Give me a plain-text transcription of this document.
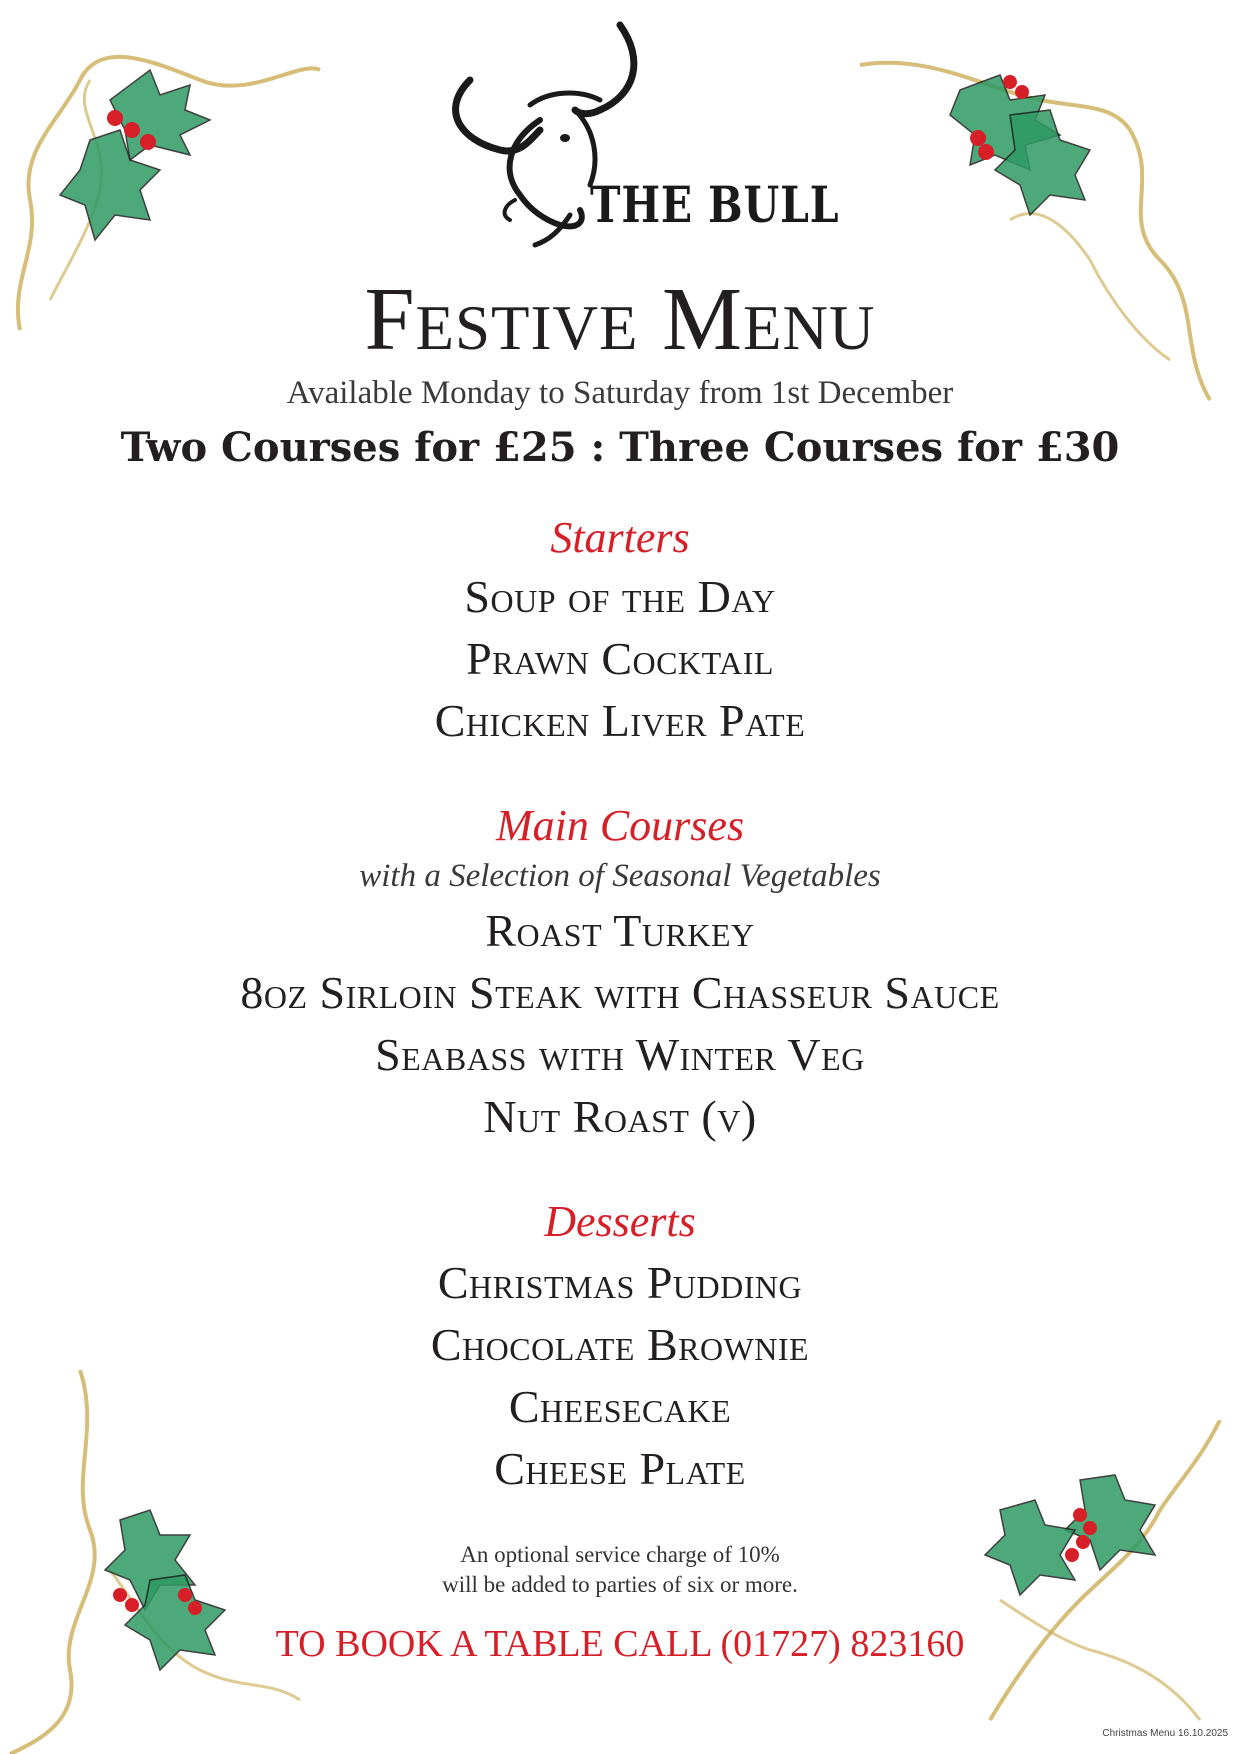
THE BULL
Festive Menu
Available Monday to Saturday from 1st December
Two Courses for £25 : Three Courses for £30
Starters
Soup of the Day
Prawn Cocktail
Chicken Liver Pate
Main Courses
with a Selection of Seasonal Vegetables
Roast Turkey
8oz Sirloin Steak with Chasseur Sauce
Seabass with Winter Veg
Nut Roast (v)
Desserts
Christmas Pudding
Chocolate Brownie
Cheesecake
Cheese Plate
An optional service charge of 10%
will be added to parties of six or more.
TO BOOK A TABLE CALL (01727) 823160
Christmas Menu 16.10.2025
